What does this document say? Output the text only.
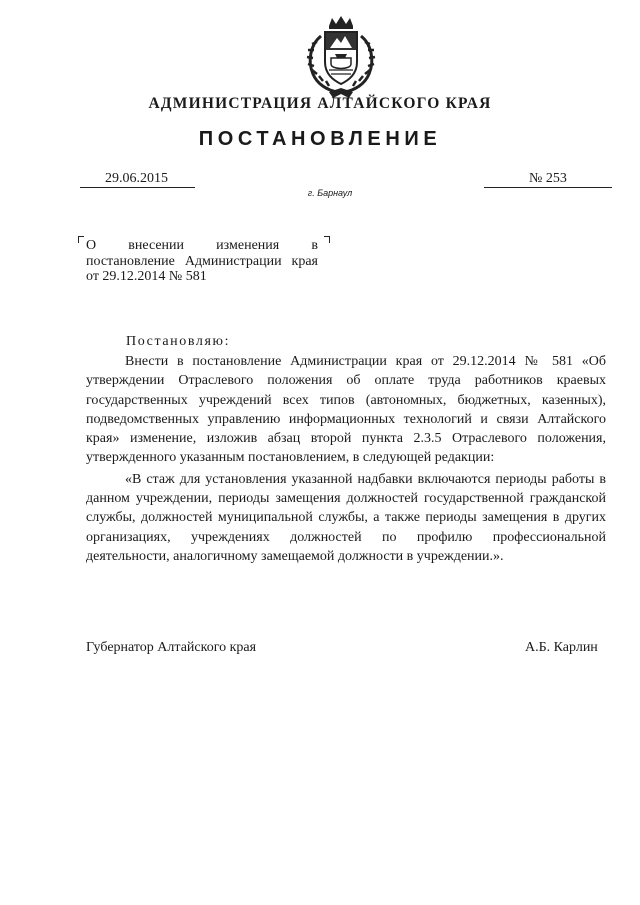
АДМИНИСТРАЦИЯ АЛТАЙСКОГО КРАЯ
ПОСТАНОВЛЕНИЕ
29.06.2015	№ 253
г. Барнаул
О внесении изменения в постановление Администрации края от 29.12.2014 № 581
Постановляю:

Внести в постановление Администрации края от 29.12.2014 № 581 «Об утверждении Отраслевого положения об оплате труда работников краевых государственных учреждений всех типов (автономных, бюджетных, казенных), подведомственных управлению информационных технологий и связи Алтайского края» изменение, изложив абзац второй пункта 2.3.5 Отраслевого положения, утвержденного указанным постановлением, в следующей редакции:

«В стаж для установления указанной надбавки включаются периоды работы в данном учреждении, периоды замещения должностей государственной гражданской службы, должностей муниципальной службы, а также периоды замещения в других организациях, учреждениях должностей по профилю профессиональной деятельности, аналогичному замещаемой должности в учреждении.».

Губернатор Алтайского края	А.Б. Карлин
